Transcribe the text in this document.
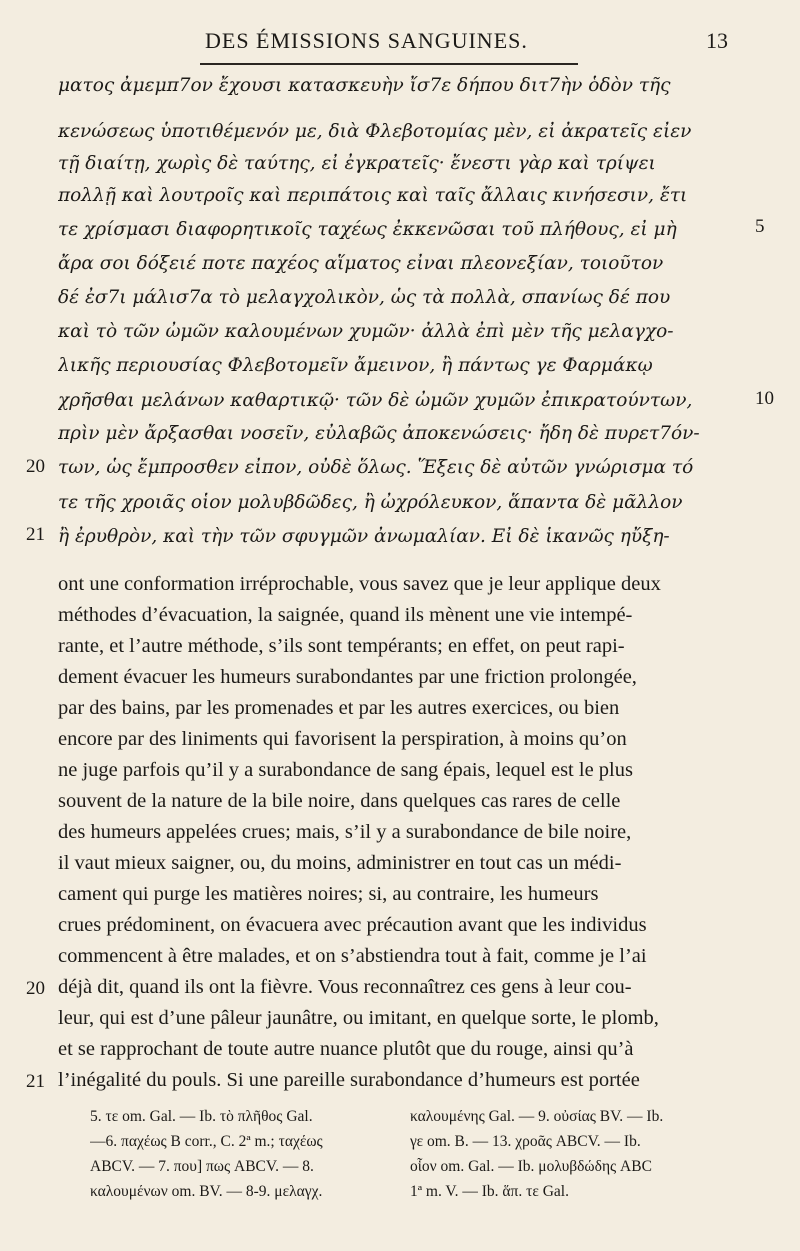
DES ÉMISSIONS SANGUINES.	13
ματος ἀμεμπ7ον ἔχουσι κατασκευὴν ἴσ7ε δήπου διτ7ὴν ὁδὸν τῆς
κενώσεως ὑποτιθέμενόν με, διὰ Φλεβοτομίας μὲν, εἰ ἀκρατεῖς εἶεν
τῇ διαίτῃ, χωρὶς δὲ ταύτης, εἰ ἐγκρατεῖς· ἔνεστι γὰρ καὶ τρίψει
πολλῇ καὶ λουτροῖς καὶ περιπάτοις καὶ ταῖς ἄλλαις κινήσεσιν, ἔτι
τε χρίσμασι διαφορητικοῖς ταχέως ἐκκενῶσαι τοῦ πλήθους, εἰ μὴ
ἄρα σοι δόξειέ ποτε παχέος αἵματος εἶναι πλεονεξίαν, τοιοῦτον
δέ ἐσ7ι μάλισ7α τὸ μελαγχολικὸν, ὡς τὰ πολλὰ, σπανίως δέ που
καὶ τὸ τῶν ὠμῶν καλουμένων χυμῶν· ἀλλὰ ἐπὶ μὲν τῆς μελαγχο-
λικῆς περιουσίας Φλεβοτομεῖν ἄμεινον, ἢ πάντως γε Φαρμάκῳ
χρῆσθαι μελάνων καθαρτικῷ· τῶν δὲ ὠμῶν χυμῶν ἐπικρατούντων,
πρὶν μὲν ἄρξασθαι νοσεῖν, εὐλαβῶς ἀποκενώσεις· ἤδη δὲ πυρετ7όν-
των, ὡς ἔμπροσθεν εἶπον, οὐδὲ ὅλως. Ἕξεις δὲ αὐτῶν γνώρισμα τό
τε τῆς χροιᾶς οἷον μολυβδῶδες, ἢ ὠχρόλευκον, ἅπαντα δὲ μᾶλλον
ἢ ἐρυθρὸν, καὶ τὴν τῶν σφυγμῶν ἀνωμαλίαν. Εἰ δὲ ἱκανῶς ηὔξη-
5
10
20
21
ont une conformation irréprochable, vous savez que je leur applique deux
méthodes d’évacuation, la saignée, quand ils mènent une vie intempé-
rante, et l’autre méthode, s’ils sont tempérants; en effet, on peut rapi-
dement évacuer les humeurs surabondantes par une friction prolongée,
par des bains, par les promenades et par les autres exercices, ou bien
encore par des liniments qui favorisent la perspiration, à moins qu’on
ne juge parfois qu’il y a surabondance de sang épais, lequel est le plus
souvent de la nature de la bile noire, dans quelques cas rares de celle
des humeurs appelées crues; mais, s’il y a surabondance de bile noire,
il vaut mieux saigner, ou, du moins, administrer en tout cas un médi-
cament qui purge les matières noires; si, au contraire, les humeurs
crues prédominent, on évacuera avec précaution avant que les individus
commencent à être malades, et on s’abstiendra tout à fait, comme je l’ai
déjà dit, quand ils ont la fièvre. Vous reconnaîtrez ces gens à leur cou-
leur, qui est d’une pâleur jaunâtre, ou imitant, en quelque sorte, le plomb,
et se rapprochant de toute autre nuance plutôt que du rouge, ainsi qu’à
l’inégalité du pouls. Si une pareille surabondance d’humeurs est portée
20
21
5. τε om. Gal. — Ib. τὸ πλῆθος Gal.
—6. παχέως B corr., C. 2ª m.; ταχέως
ABCV. — 7. που] πως ABCV. — 8.
καλουμένων om. BV. — 8-9. μελαγχ.
καλουμένης Gal. — 9. οὐσίας BV. — Ib.
γε om. B. — 13. χροᾶς ABCV. — Ib.
οἷον om. Gal. — Ib. μολυβδώδης ABC
1ª m. V. — Ib. ἅπ. τε Gal.
